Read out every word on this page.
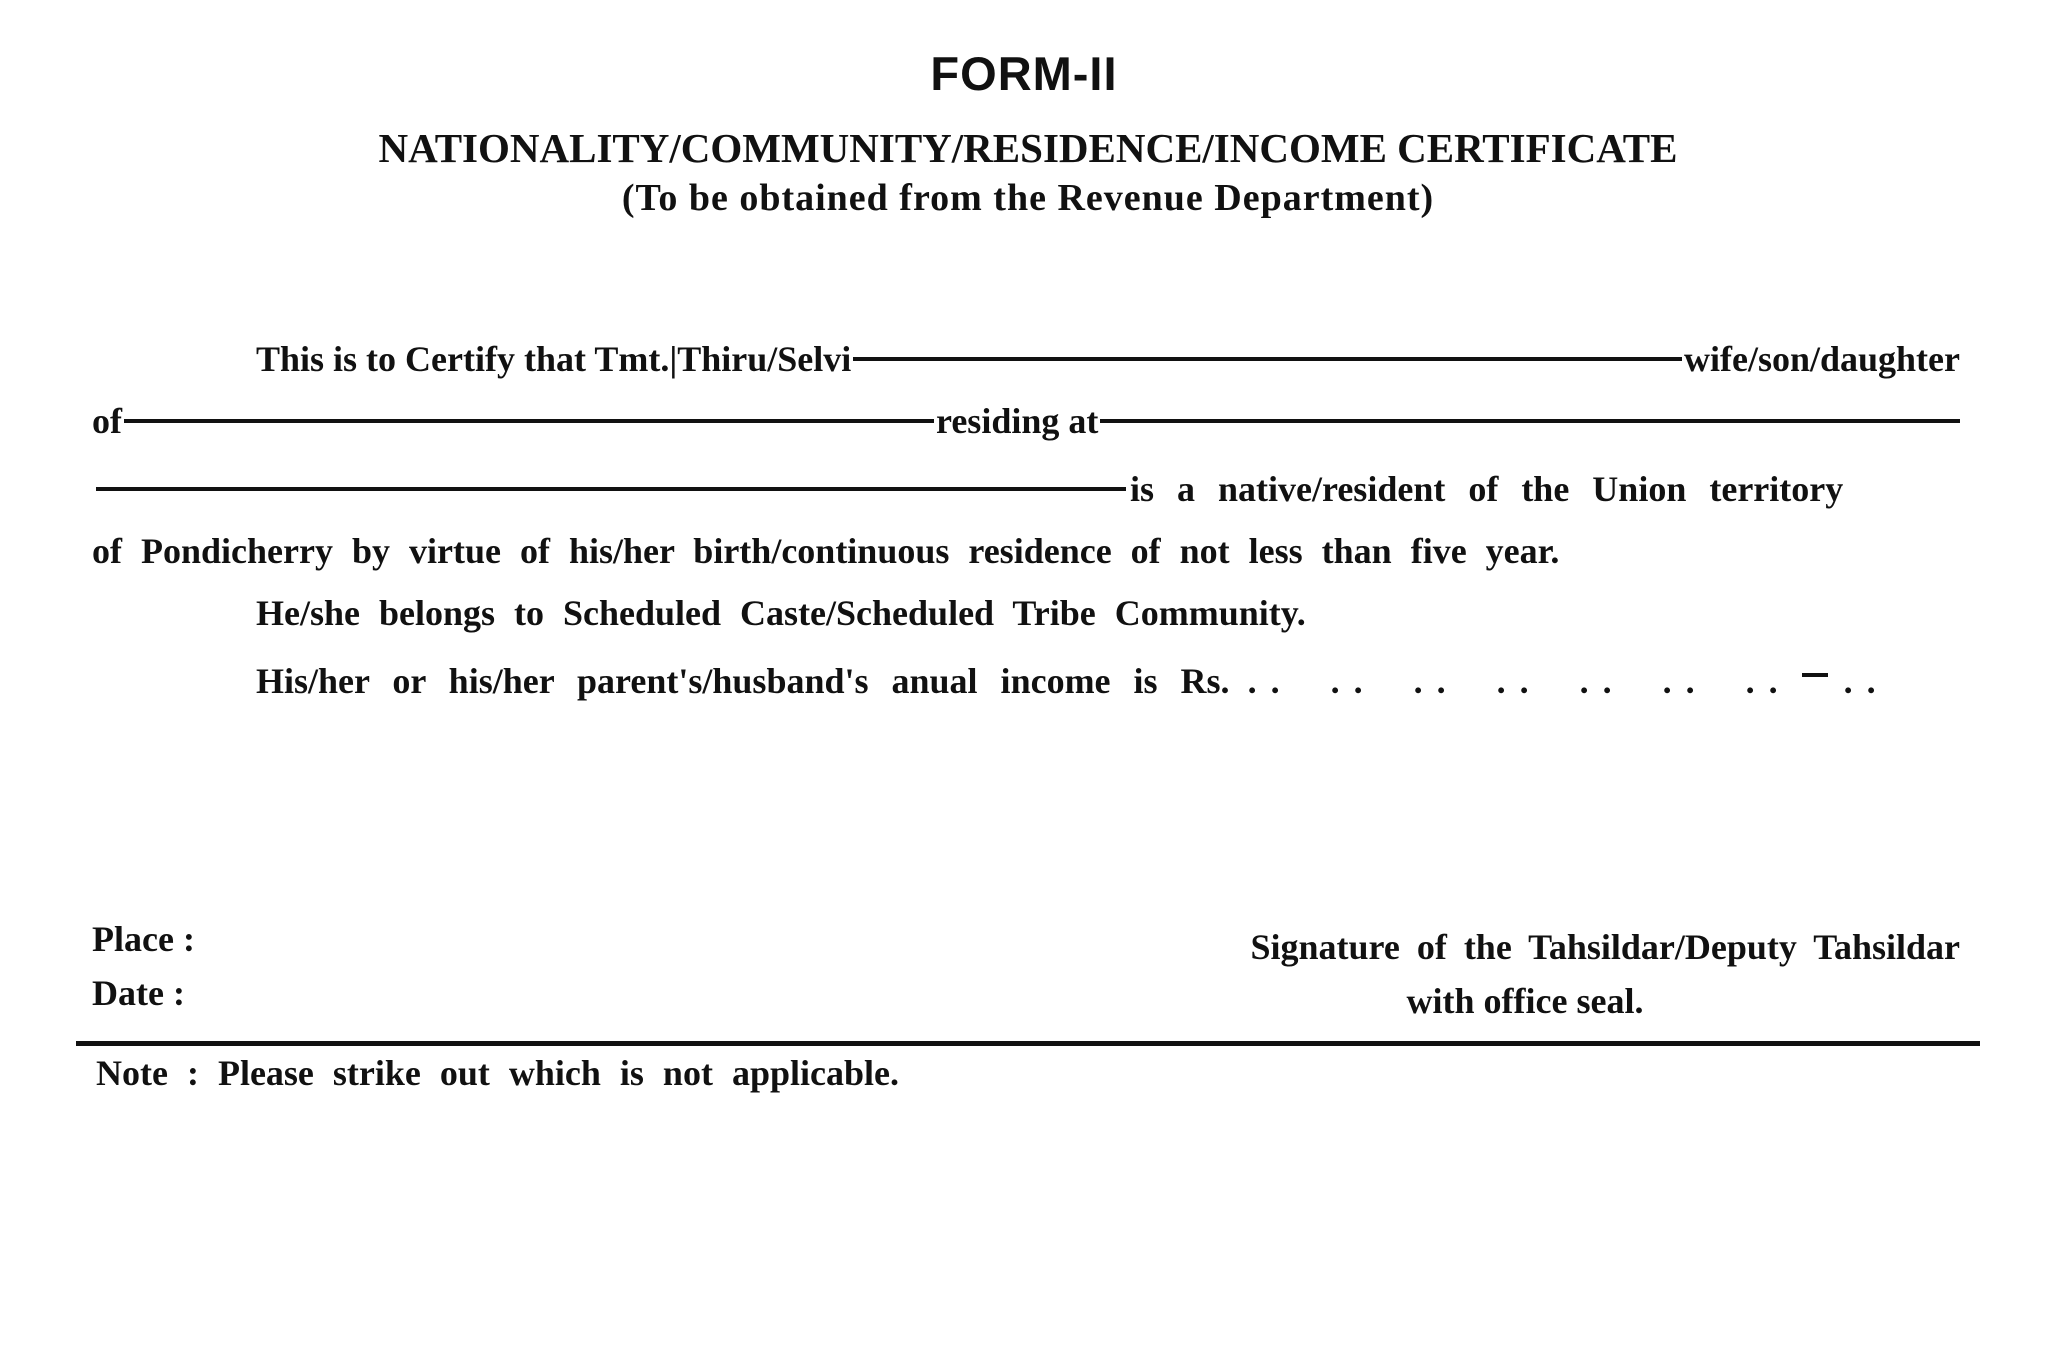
FORM-II
NATIONALITY/COMMUNITY/RESIDENCE/INCOME CERTIFICATE
(To be obtained from the Revenue Department)
This is to Certify that Tmt.|Thiru/Selvi	wife/son/daughter
of	residing at
is a native/resident of the Union territory
of Pondicherry by virtue of his/her birth/continuous residence of not less than five year.
He/she belongs to Scheduled Caste/Scheduled Tribe Community.
His/her or his/her parent's/husband's anual income is Rs. .. .. .. .. .. .. .. ..
Place :
Date :
Signature of the Tahsildar/Deputy Tahsildar
with office seal.
Note : Please strike out which is not applicable.
